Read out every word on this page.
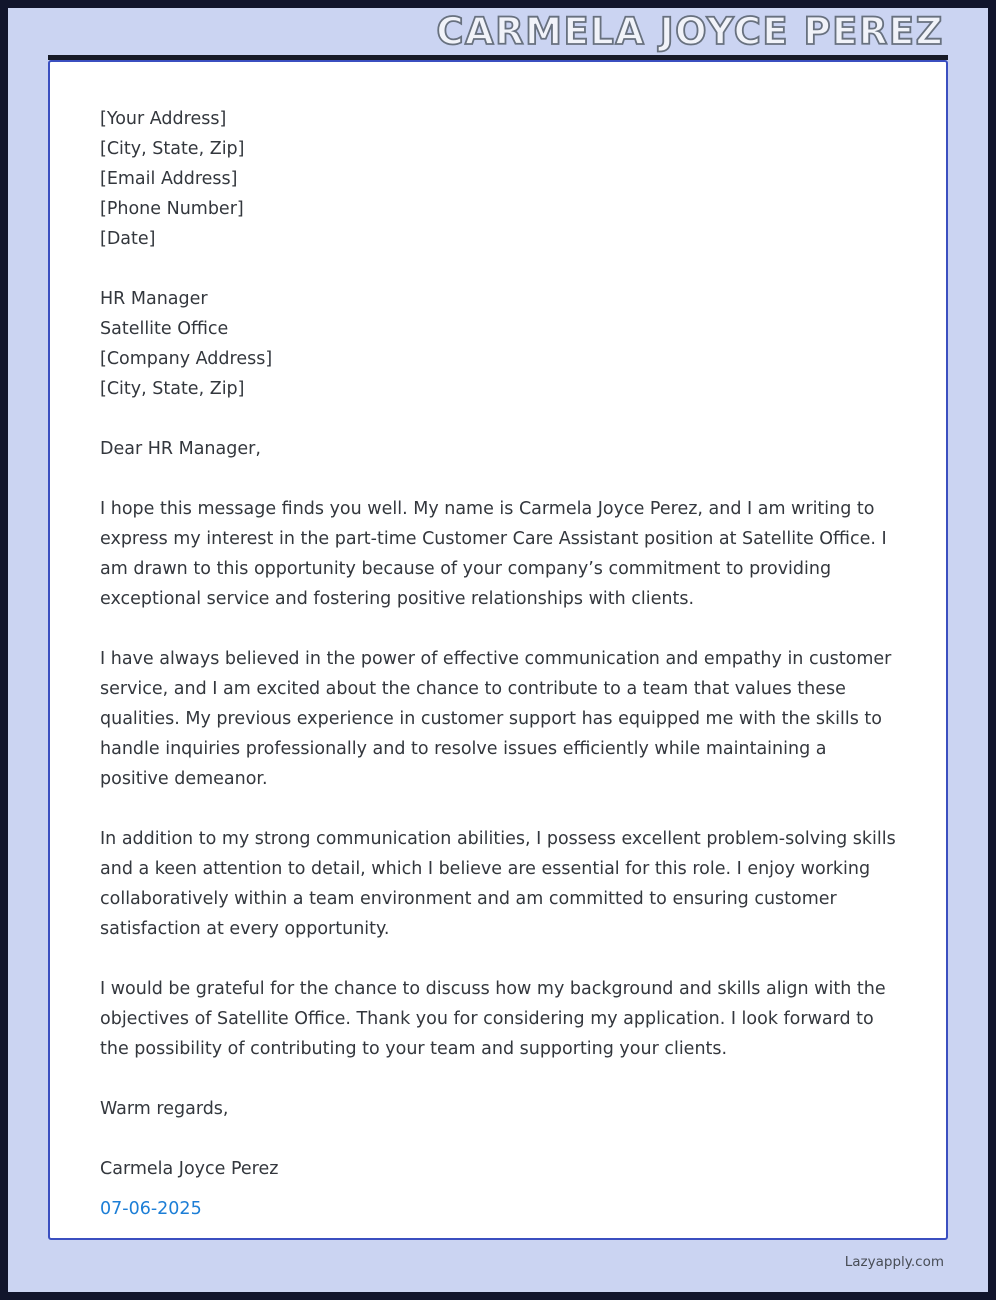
CARMELA JOYCE PEREZ
[Your Address]
[City, State, Zip]
[Email Address]
[Phone Number]
[Date]
HR Manager
Satellite Office
[Company Address]
[City, State, Zip]

Dear HR Manager,

I hope this message finds you well. My name is Carmela Joyce Perez, and I am writing to express my interest in the part-time Customer Care Assistant position at Satellite Office. I am drawn to this opportunity because of your company’s commitment to providing exceptional service and fostering positive relationships with clients.

I have always believed in the power of effective communication and empathy in customer service, and I am excited about the chance to contribute to a team that values these qualities. My previous experience in customer support has equipped me with the skills to handle inquiries professionally and to resolve issues efficiently while maintaining a positive demeanor.

In addition to my strong communication abilities, I possess excellent problem-solving skills and a keen attention to detail, which I believe are essential for this role. I enjoy working collaboratively within a team environment and am committed to ensuring customer satisfaction at every opportunity.

I would be grateful for the chance to discuss how my background and skills align with the objectives of Satellite Office. Thank you for considering my application. I look forward to the possibility of contributing to your team and supporting your clients.

Warm regards,

Carmela Joyce Perez

07-06-2025

Lazyapply.com
